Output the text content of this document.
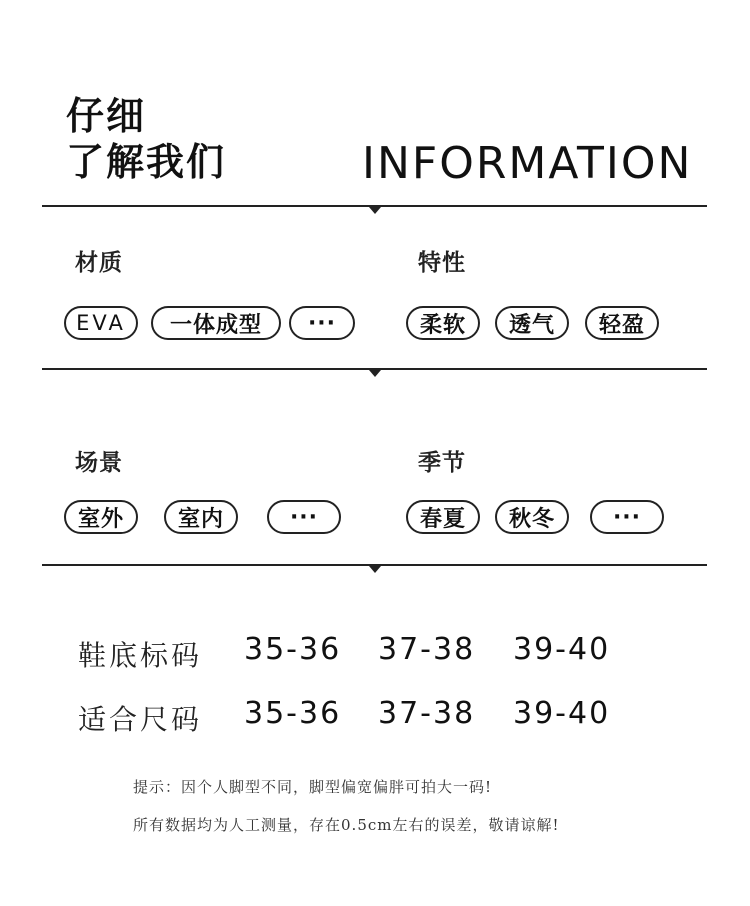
仔细
了解我们	INFORMATION
材质	特性
EVA	一体成型	···	柔软	透气	轻盈
场景	季节
室外	室内	···	春夏	秋冬	···
鞋底标码 35-36 37-38 39-40
适合尺码 35-36 37-38 39-40
提示：因个人脚型不同，脚型偏宽偏胖可拍大一码!
所有数据均为人工测量，存在0.5cm左右的误差，敬请谅解!
